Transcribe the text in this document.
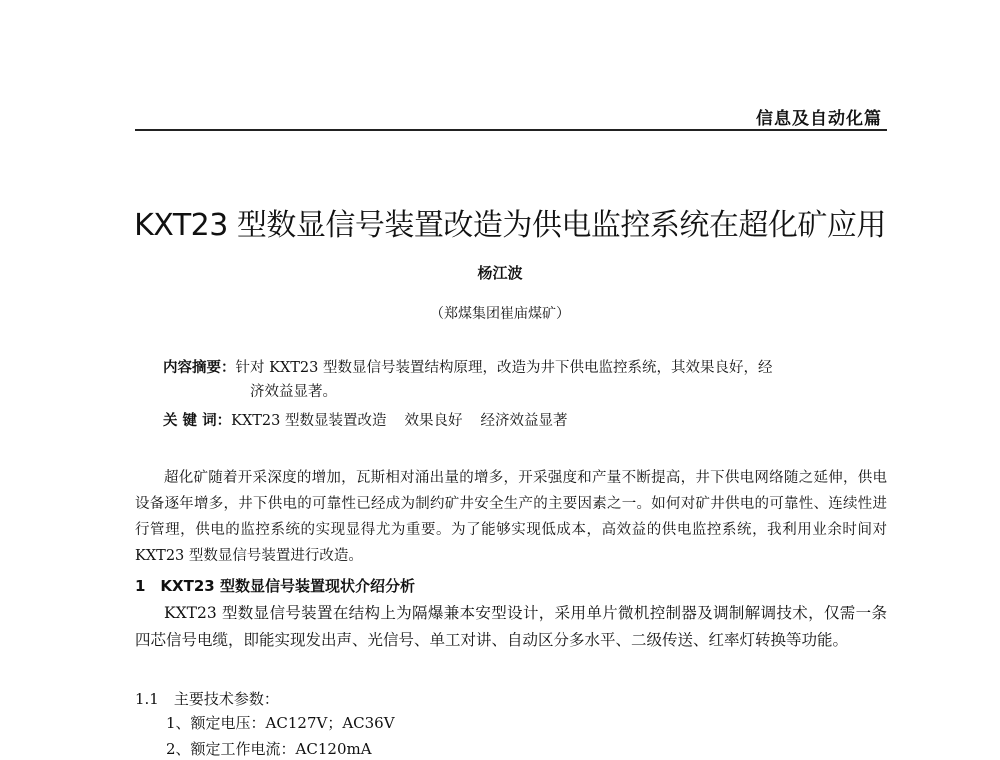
信息及自动化篇
KXT23 型数显信号装置改造为供电监控系统在超化矿应用
杨江波
（郑煤集团崔庙煤矿）
内容摘要：针对 KXT23 型数显信号装置结构原理，改造为井下供电监控系统，其效果良好，经
济效益显著。
关 键 词：KXT23 型数显装置改造 效果良好 经济效益显著
超化矿随着开采深度的增加，瓦斯相对涌出量的增多，开采强度和产量不断提高，井下供电网络随之延伸，供电设备逐年增多，井下供电的可靠性已经成为制约矿井安全生产的主要因素之一。如何对矿井供电的可靠性、连续性进行管理，供电的监控系统的实现显得尤为重要。为了能够实现低成本，高效益的供电监控系统，我利用业余时间对 KXT23 型数显信号装置进行改造。
1　KXT23 型数显信号装置现状介绍分析
KXT23 型数显信号装置在结构上为隔爆兼本安型设计，采用单片微机控制器及调制解调技术，仅需一条四芯信号电缆，即能实现发出声、光信号、单工对讲、自动区分多水平、二级传送、红率灯转换等功能。
1.1　主要技术参数：
1、额定电压：AC127V；AC36V
2、额定工作电流：AC120mA
